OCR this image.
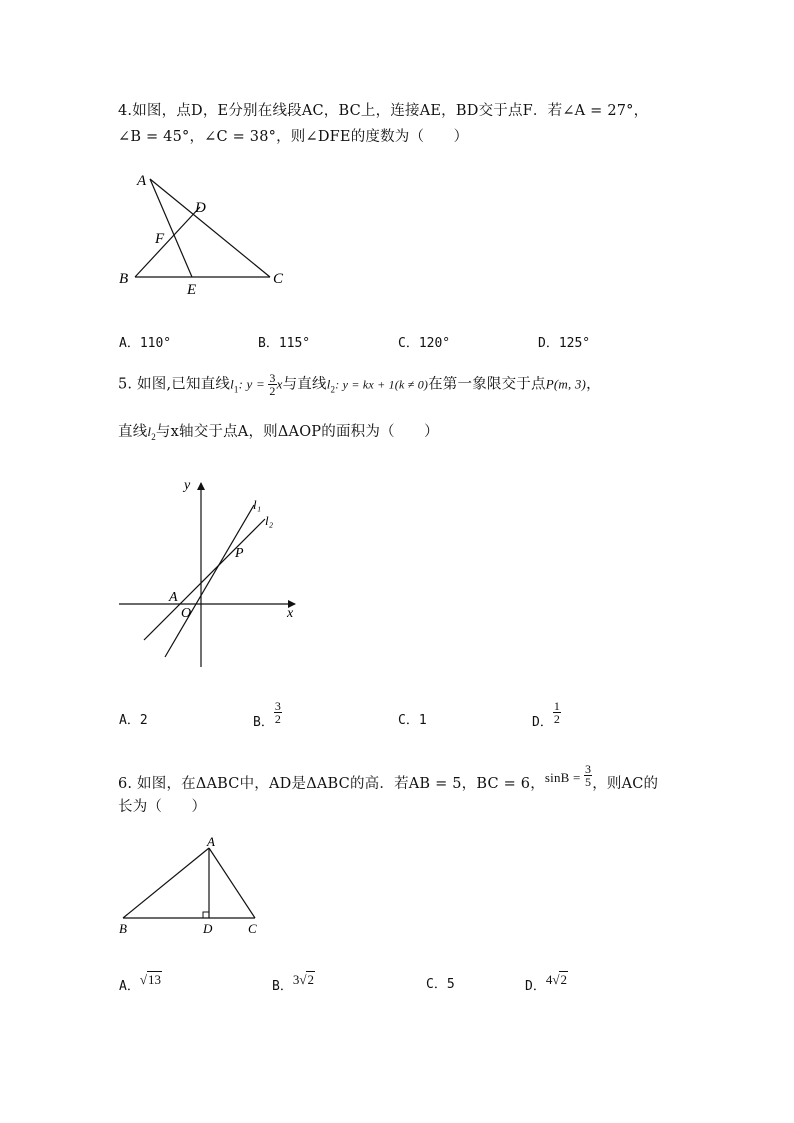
4.如图，点D，E分别在线段AC，BC上，连接AE，BD交于点F．若∠A = 27°，
∠B = 45°，∠C = 38°，则∠DFE的度数为（　　）
A
D
F
B	C
E
A．110°	B．115°	C．120°	D．125°
5. 如图,已知直线$l_1$: $y = \frac{3}{2}$ x与直线$l_2$: y = kx + 1(k ≠ 0)在第一象限交于点P(m, 3)，
直线$l_2$与x轴交于点A，则ΔAOP的面积为（　　）
y
x
O
A
P
l₁
l₂
A．2	B． $\frac{3}{2}$	C．1	D． $\frac{1}{2}$
6. 如图，在ΔABC中，AD是ΔABC的高．若AB = 5，BC = 6，$\sin B = \frac{3}{5}$ ，则AC的
长为（　　）
A
B	D	C
A．√13	B．3√2	C．5	D．4√2
